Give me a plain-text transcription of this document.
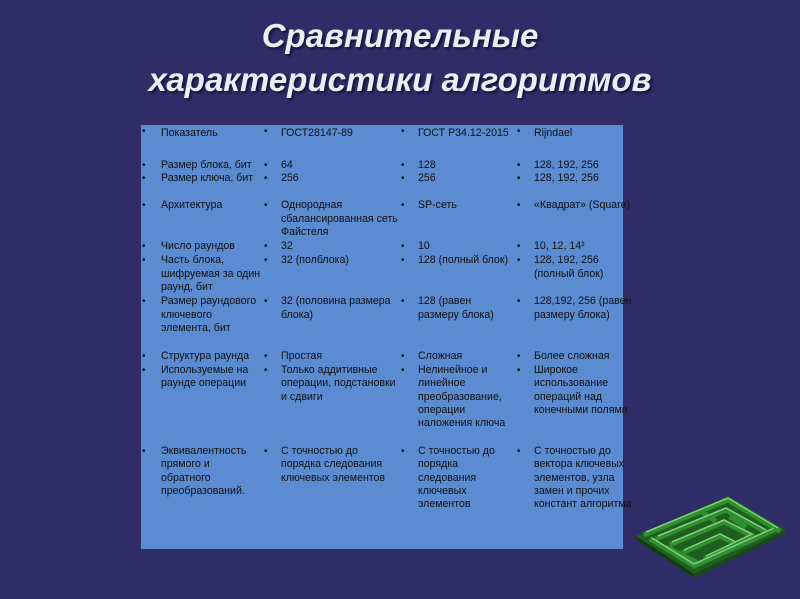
Сравнительные
характеристики алгоритмов
• Показатель	• ГОСТ28147-89	• ГОСТ Р34.12-2015	• Rijndael
• Размер блока, бит	• 64	• 128	• 128, 192, 256
• Размер ключа, бит	• 256	• 256	• 128, 192, 256
• Архитектура	• Однородная сбалансированная сеть Файстеля	• SP-сеть	• «Квадрат» (Square)
• Число раундов	• 32	• 10	• 10, 12, 14²
• Часть блока, шифруемая за один раунд, бит	• 32 (полблока)	• 128 (полный блок)	• 128, 192, 256 (полный блок)
• Размер раундового ключевого элемента, бит	• 32 (половина размера блока)	• 128 (равен размеру блока)	• 128,192, 256 (равен размеру блока)
• Структура раунда	• Простая	• Сложная	• Более сложная
• Используемые на раунде операции	• Только аддитивные операции, подстановки и сдвиги	• Нелинейное и линейное преобразование, операции наложения ключа	• Широкое использование операций над конечными полями
• Эквивалентность прямого и обратного преобразований.	• С точностью до порядка следования ключевых элементов	• С точностью до порядка следования ключевых элементов	• С точностью до вектора ключевых элементов, узла замен и прочих констант алгоритма
